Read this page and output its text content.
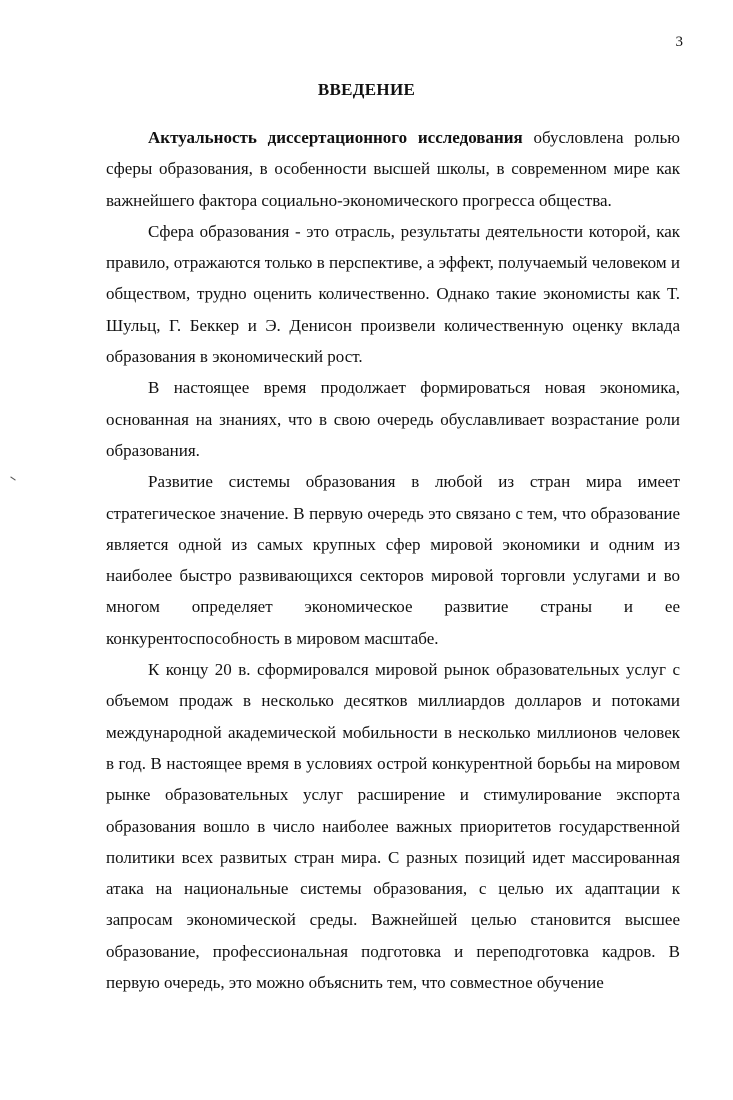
3
ВВЕДЕНИЕ

Актуальность диссертационного исследования обусловлена ролью сферы образования, в особенности высшей школы, в современном мире как важнейшего фактора социально-экономического прогресса общества.

Сфера образования - это отрасль, результаты деятельности которой, как правило, отражаются только в перспективе, а эффект, получаемый человеком и обществом, трудно оценить количественно. Однако такие экономисты как Т. Шульц, Г. Беккер и Э. Денисон произвели количественную оценку вклада образования в экономический рост.

В настоящее время продолжает формироваться новая экономика, основанная на знаниях, что в свою очередь обуславливает возрастание роли образования.

Развитие системы образования в любой из стран мира имеет стратегическое значение. В первую очередь это связано с тем, что образование является одной из самых крупных сфер мировой экономики и одним из наиболее быстро развивающихся секторов мировой торговли услугами и во многом определяет экономическое развитие страны и ее конкурентоспособность в мировом масштабе.

К концу 20 в. сформировался мировой рынок образовательных услуг с объемом продаж в несколько десятков миллиардов долларов и потоками международной академической мобильности в несколько миллионов человек в год. В настоящее время в условиях острой конкурентной борьбы на мировом рынке образовательных услуг расширение и стимулирование экспорта образования вошло в число наиболее важных приоритетов государственной политики всех развитых стран мира. С разных позиций идет массированная атака на национальные системы образования, с целью их адаптации к запросам экономической среды. Важнейшей целью становится высшее образование, профессиональная подготовка и переподготовка кадров. В первую очередь, это можно объяснить тем, что совместное обучение
